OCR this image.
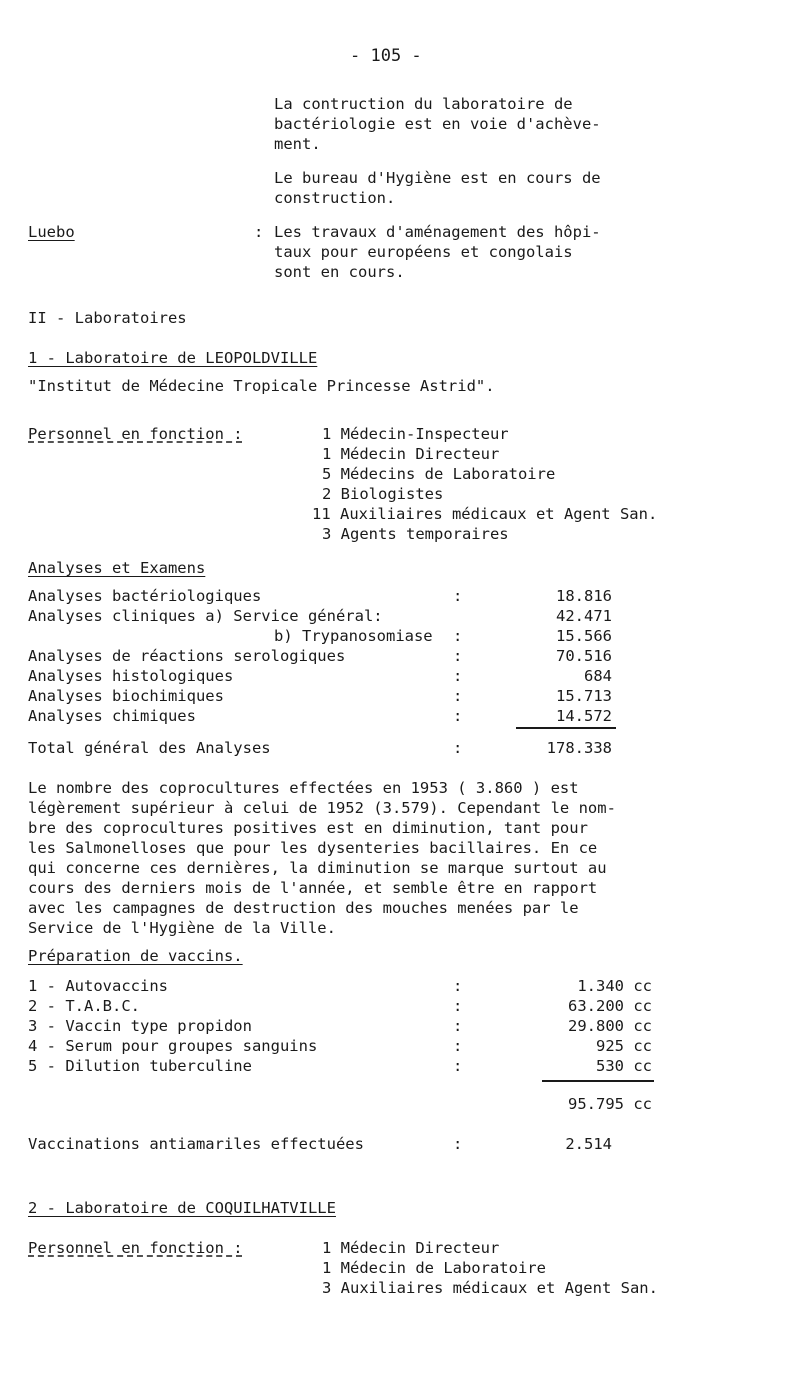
- 105 -
La contruction du laboratoire de
bactériologie est en voie d'achève-
ment.
Le bureau d'Hygiène est en cours de
construction.
Luebo	: Les travaux d'aménagement des hôpi-
taux pour européens et congolais
sont en cours.
II - Laboratoires
1 - Laboratoire de LEOPOLDVILLE
"Institut de Médecine Tropicale Princesse Astrid".
Personnel en fonction :	1 Médecin-Inspecteur
1 Médecin Directeur
5 Médecins de Laboratoire
2 Biologistes
11 Auxiliaires médicaux et Agent San.
3 Agents temporaires
Analyses et Examens
Analyses bactériologiques	:	18.816
Analyses cliniques a) Service général:	42.471
b) Trypanosomiase :	15.566
Analyses de réactions serologiques	:	70.516
Analyses histologiques	:	684
Analyses biochimiques	:	15.713
Analyses chimiques	:	14.572
Total général des Analyses	:	178.338
Le nombre des coprocultures effectées en 1953 ( 3.860 ) est
légèrement supérieur à celui de 1952 (3.579). Cependant le nom-
bre des coprocultures positives est en diminution, tant pour
les Salmonelloses que pour les dysenteries bacillaires. En ce
qui concerne ces dernières, la diminution se marque surtout au
cours des derniers mois de l'année, et semble être en rapport
avec les campagnes de destruction des mouches menées par le
Service de l'Hygiène de la Ville.
Préparation de vaccins.
1 - Autovaccins	:	1.340 cc
2 - T.A.B.C.	:	63.200 cc
3 - Vaccin type propidon	:	29.800 cc
4 - Serum pour groupes sanguins	:	925 cc
5 - Dilution tuberculine	:	530 cc
95.795 cc
Vaccinations antiamariles effectuées	:	2.514
2 - Laboratoire de COQUILHATVILLE
Personnel en fonction :	1 Médecin Directeur
1 Médecin de Laboratoire
3 Auxiliaires médicaux et Agent San.
